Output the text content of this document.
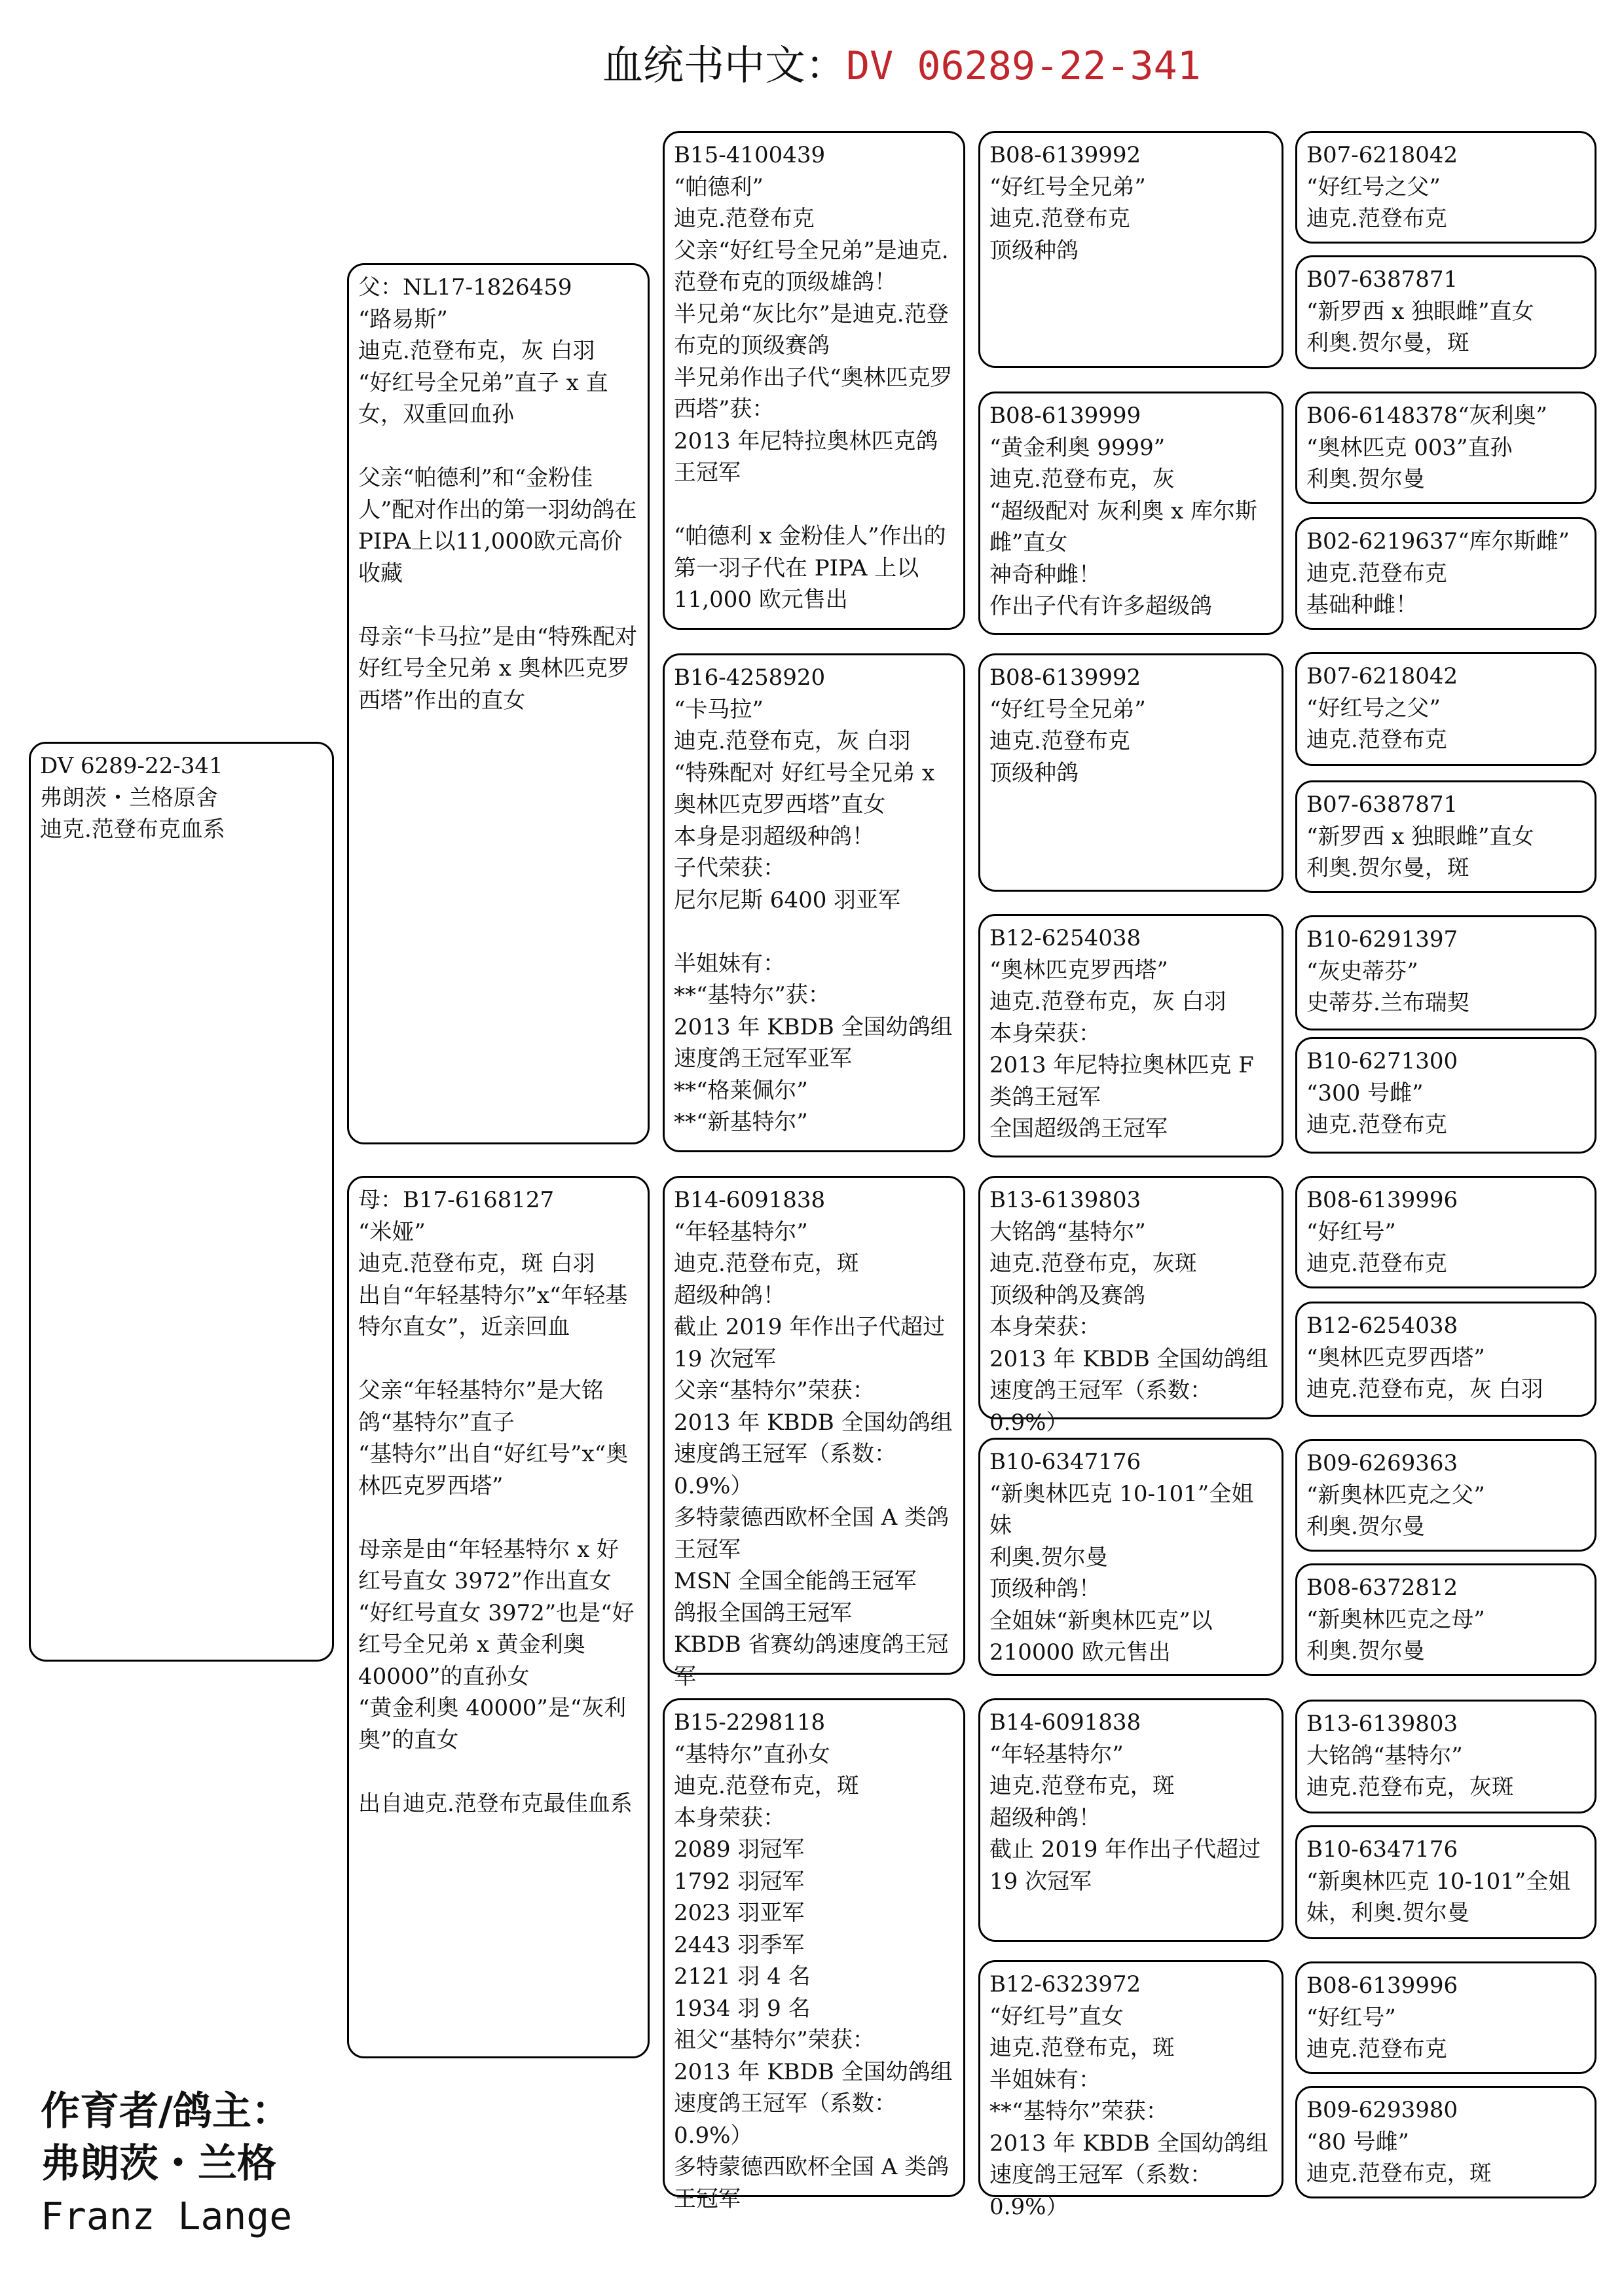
血统书中文：DV 06289-22-341
DV 6289-22-341
弗朗茨・兰格原舍
迪克.范登布克血系
父：NL17-1826459
“路易斯”
迪克.范登布克，灰 白羽
“好红号全兄弟”直子 x 直女，双重回血孙

父亲“帕德利”和“金粉佳人”配对作出的第一羽幼鸽在PIPA上以11,000欧元高价收藏

母亲“卡马拉”是由“特殊配对 好红号全兄弟 x 奥林匹克罗西塔”作出的直女
母：B17-6168127
“米娅”
迪克.范登布克，斑 白羽
出自“年轻基特尔”x“年轻基特尔直女”，近亲回血

父亲“年轻基特尔”是大铭鸽“基特尔”直子
“基特尔”出自“好红号”x“奥林匹克罗西塔”

母亲是由“年轻基特尔 x 好红号直女 3972”作出直女
“好红号直女 3972”也是“好红号全兄弟 x 黄金利奥 40000”的直孙女
“黄金利奥 40000”是“灰利奥”的直女

出自迪克.范登布克最佳血系
B15-4100439
“帕德利”
迪克.范登布克
父亲“好红号全兄弟”是迪克.范登布克的顶级雄鸽！
半兄弟“灰比尔”是迪克.范登布克的顶级赛鸽
半兄弟作出子代“奥林匹克罗西塔”获：
2013 年尼特拉奥林匹克鸽王冠军

“帕德利 x 金粉佳人”作出的第一羽子代在 PIPA 上以 11,000 欧元售出
B16-4258920
“卡马拉”
迪克.范登布克，灰 白羽
“特殊配对 好红号全兄弟 x 奥林匹克罗西塔”直女
本身是羽超级种鸽！
子代荣获：
尼尔尼斯 6400 羽亚军

半姐妹有：
**“基特尔”获：
2013 年 KBDB 全国幼鸽组速度鸽王冠军亚军
**“格莱佩尔”
**“新基特尔”
B14-6091838
“年轻基特尔”
迪克.范登布克，斑
超级种鸽！
截止 2019 年作出子代超过 19 次冠军
父亲“基特尔”荣获：
2013 年 KBDB 全国幼鸽组速度鸽王冠军（系数：0.9%）
多特蒙德西欧杯全国 A 类鸽王冠军
MSN 全国全能鸽王冠军
鸽报全国鸽王冠军
KBDB 省赛幼鸽速度鸽王冠军
B15-2298118
“基特尔”直孙女
迪克.范登布克，斑
本身荣获：
2089 羽冠军
1792 羽冠军
2023 羽亚军
2443 羽季军
2121 羽 4 名
1934 羽 9 名
祖父“基特尔”荣获：
2013 年 KBDB 全国幼鸽组速度鸽王冠军（系数：0.9%）
多特蒙德西欧杯全国 A 类鸽王冠军
B08-6139992
“好红号全兄弟”
迪克.范登布克
顶级种鸽
B08-6139999
“黄金利奥 9999”
迪克.范登布克，灰
“超级配对 灰利奥 x 库尔斯雌”直女
神奇种雌！
作出子代有许多超级鸽
B08-6139992
“好红号全兄弟”
迪克.范登布克
顶级种鸽
B12-6254038
“奥林匹克罗西塔”
迪克.范登布克，灰 白羽
本身荣获：
2013 年尼特拉奥林匹克 F 类鸽王冠军
全国超级鸽王冠军
B13-6139803
大铭鸽“基特尔”
迪克.范登布克，灰斑
顶级种鸽及赛鸽
本身荣获：
2013 年 KBDB 全国幼鸽组速度鸽王冠军（系数：0.9%）
B10-6347176
“新奥林匹克 10-101”全姐妹
利奥.贺尔曼
顶级种鸽！
全姐妹“新奥林匹克”以 210000 欧元售出
B14-6091838
“年轻基特尔”
迪克.范登布克，斑
超级种鸽！
截止 2019 年作出子代超过 19 次冠军
B12-6323972
“好红号”直女
迪克.范登布克，斑
半姐妹有：
**“基特尔”荣获：
2013 年 KBDB 全国幼鸽组速度鸽王冠军（系数：0.9%）
B07-6218042
“好红号之父”
迪克.范登布克
B07-6387871
“新罗西 x 独眼雌”直女
利奥.贺尔曼，斑
B06-6148378“灰利奥”
“奥林匹克 003”直孙
利奥.贺尔曼
B02-6219637“库尔斯雌”
迪克.范登布克
基础种雌！
B07-6218042
“好红号之父”
迪克.范登布克
B07-6387871
“新罗西 x 独眼雌”直女
利奥.贺尔曼，斑
B10-6291397
“灰史蒂芬”
史蒂芬.兰布瑞契
B10-6271300
“300 号雌”
迪克.范登布克
B08-6139996
“好红号”
迪克.范登布克
B12-6254038
“奥林匹克罗西塔”
迪克.范登布克，灰 白羽
B09-6269363
“新奥林匹克之父”
利奥.贺尔曼
B08-6372812
“新奥林匹克之母”
利奥.贺尔曼
B13-6139803
大铭鸽“基特尔”
迪克.范登布克，灰斑
B10-6347176
“新奥林匹克 10-101”全姐妹，利奥.贺尔曼
B08-6139996
“好红号”
迪克.范登布克
B09-6293980
“80 号雌”
迪克.范登布克，斑
作育者/鸽主：
弗朗茨・兰格
Franz Lange
